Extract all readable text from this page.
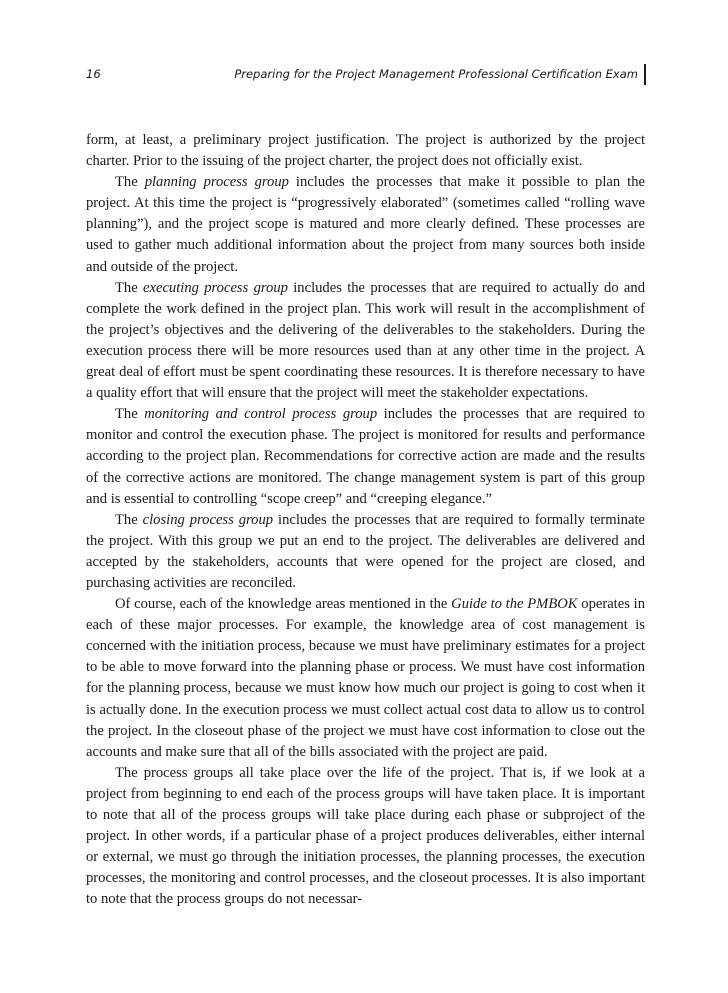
16	Preparing for the Project Management Professional Certification Exam

form, at least, a preliminary project justification. The project is authorized by the project charter. Prior to the issuing of the project charter, the project does not officially exist.

The planning process group includes the processes that make it possible to plan the project. At this time the project is “progressively elaborated” (sometimes called “rolling wave planning”), and the project scope is matured and more clearly defined. These processes are used to gather much additional information about the project from many sources both inside and outside of the project.

The executing process group includes the processes that are required to actually do and complete the work defined in the project plan. This work will result in the accomplishment of the project’s objectives and the delivering of the deliverables to the stakeholders. During the execution process there will be more resources used than at any other time in the project. A great deal of effort must be spent coordinating these resources. It is therefore necessary to have a quality effort that will ensure that the project will meet the stakeholder expectations.

The monitoring and control process group includes the processes that are required to monitor and control the execution phase. The project is monitored for results and performance according to the project plan. Recommendations for corrective action are made and the results of the corrective actions are monitored. The change management system is part of this group and is essential to controlling “scope creep” and “creeping elegance.”

The closing process group includes the processes that are required to formally terminate the project. With this group we put an end to the project. The deliverables are delivered and accepted by the stakeholders, accounts that were opened for the project are closed, and purchasing activities are reconciled.

Of course, each of the knowledge areas mentioned in the Guide to the PMBOK operates in each of these major processes. For example, the knowledge area of cost management is concerned with the initiation process, because we must have preliminary estimates for a project to be able to move forward into the planning phase or process. We must have cost information for the planning process, because we must know how much our project is going to cost when it is actually done. In the execution process we must collect actual cost data to allow us to control the project. In the closeout phase of the project we must have cost information to close out the accounts and make sure that all of the bills associated with the project are paid.

The process groups all take place over the life of the project. That is, if we look at a project from beginning to end each of the process groups will have taken place. It is important to note that all of the process groups will take place during each phase or subproject of the project. In other words, if a particular phase of a project produces deliverables, either internal or external, we must go through the initiation processes, the planning processes, the execution processes, the monitoring and control processes, and the closeout processes. It is also important to note that the process groups do not necessar-
